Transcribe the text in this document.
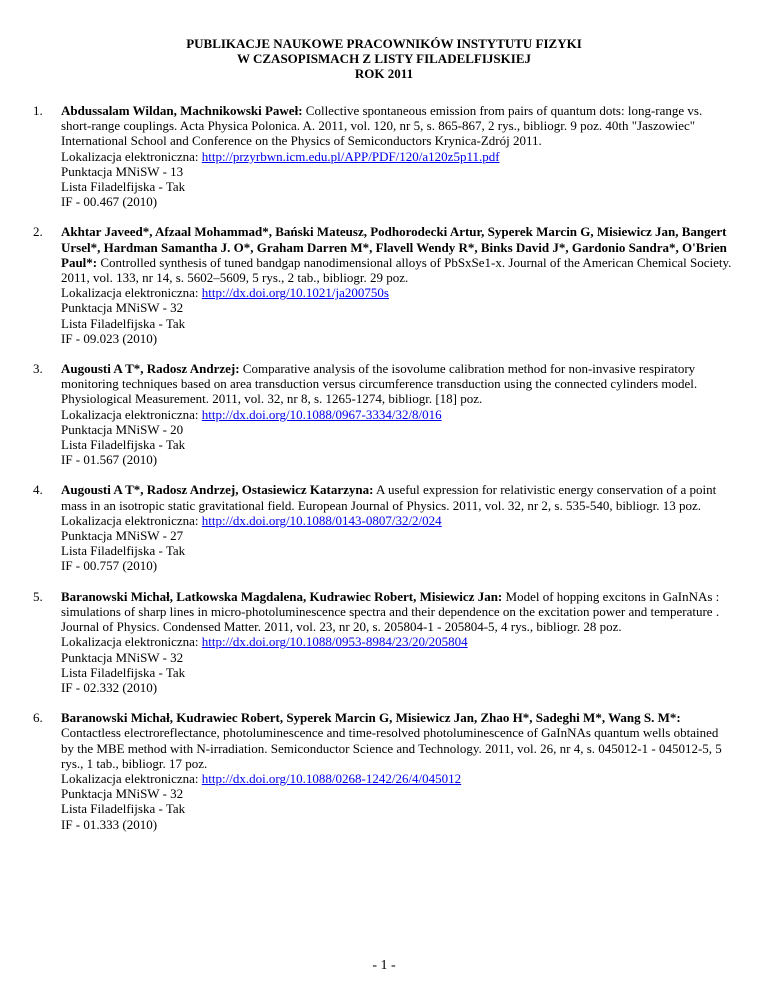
PUBLIKACJE NAUKOWE PRACOWNIKÓW INSTYTUTU FIZYKI
W CZASOPISMACH Z LISTY FILADELFIJSKIEJ
ROK 2011
1. Abdussalam Wildan, Machnikowski Paweł: Collective spontaneous emission from pairs of quantum dots: long-range vs. short-range couplings. Acta Physica Polonica. A. 2011, vol. 120, nr 5, s. 865-867, 2 rys., bibliogr. 9 poz. 40th "Jaszowiec" International School and Conference on the Physics of Semiconductors Krynica-Zdrój 2011.
Lokalizacja elektroniczna: http://przyrbwn.icm.edu.pl/APP/PDF/120/a120z5p11.pdf
Punktacja MNiSW - 13
Lista Filadelfijska - Tak
IF - 00.467 (2010)
2. Akhtar Javeed*, Afzaal Mohammad*, Bański Mateusz, Podhorodecki Artur, Syperek Marcin G, Misiewicz Jan, Bangert Ursel*, Hardman Samantha J. O*, Graham Darren M*, Flavell Wendy R*, Binks David J*, Gardonio Sandra*, O'Brien Paul*: Controlled synthesis of tuned bandgap nanodimensional alloys of PbSxSe1-x. Journal of the American Chemical Society. 2011, vol. 133, nr 14, s. 5602–5609, 5 rys., 2 tab., bibliogr. 29 poz.
Lokalizacja elektroniczna: http://dx.doi.org/10.1021/ja200750s
Punktacja MNiSW - 32
Lista Filadelfijska - Tak
IF - 09.023 (2010)
3. Augousti A T*, Radosz Andrzej: Comparative analysis of the isovolume calibration method for non-invasive respiratory monitoring techniques based on area transduction versus circumference transduction using the connected cylinders model. Physiological Measurement. 2011, vol. 32, nr 8, s. 1265-1274, bibliogr. [18] poz.
Lokalizacja elektroniczna: http://dx.doi.org/10.1088/0967-3334/32/8/016
Punktacja MNiSW - 20
Lista Filadelfijska - Tak
IF - 01.567 (2010)
4. Augousti A T*, Radosz Andrzej, Ostasiewicz Katarzyna: A useful expression for relativistic energy conservation of a point mass in an isotropic static gravitational field. European Journal of Physics. 2011, vol. 32, nr 2, s. 535-540, bibliogr. 13 poz.
Lokalizacja elektroniczna: http://dx.doi.org/10.1088/0143-0807/32/2/024
Punktacja MNiSW - 27
Lista Filadelfijska - Tak
IF - 00.757 (2010)
5. Baranowski Michał, Latkowska Magdalena, Kudrawiec Robert, Misiewicz Jan: Model of hopping excitons in GaInNAs : simulations of sharp lines in micro-photoluminescence spectra and their dependence on the excitation power and temperature . Journal of Physics. Condensed Matter. 2011, vol. 23, nr 20, s. 205804-1 - 205804-5, 4 rys., bibliogr. 28 poz.
Lokalizacja elektroniczna: http://dx.doi.org/10.1088/0953-8984/23/20/205804
Punktacja MNiSW - 32
Lista Filadelfijska - Tak
IF - 02.332 (2010)
6. Baranowski Michał, Kudrawiec Robert, Syperek Marcin G, Misiewicz Jan, Zhao H*, Sadeghi M*, Wang S. M*: Contactless electroreflectance, photoluminescence and time-resolved photoluminescence of GaInNAs quantum wells obtained by the MBE method with N-irradiation. Semiconductor Science and Technology. 2011, vol. 26, nr 4, s. 045012-1 - 045012-5, 5 rys., 1 tab., bibliogr. 17 poz.
Lokalizacja elektroniczna: http://dx.doi.org/10.1088/0268-1242/26/4/045012
Punktacja MNiSW - 32
Lista Filadelfijska - Tak
IF - 01.333 (2010)
- 1 -
